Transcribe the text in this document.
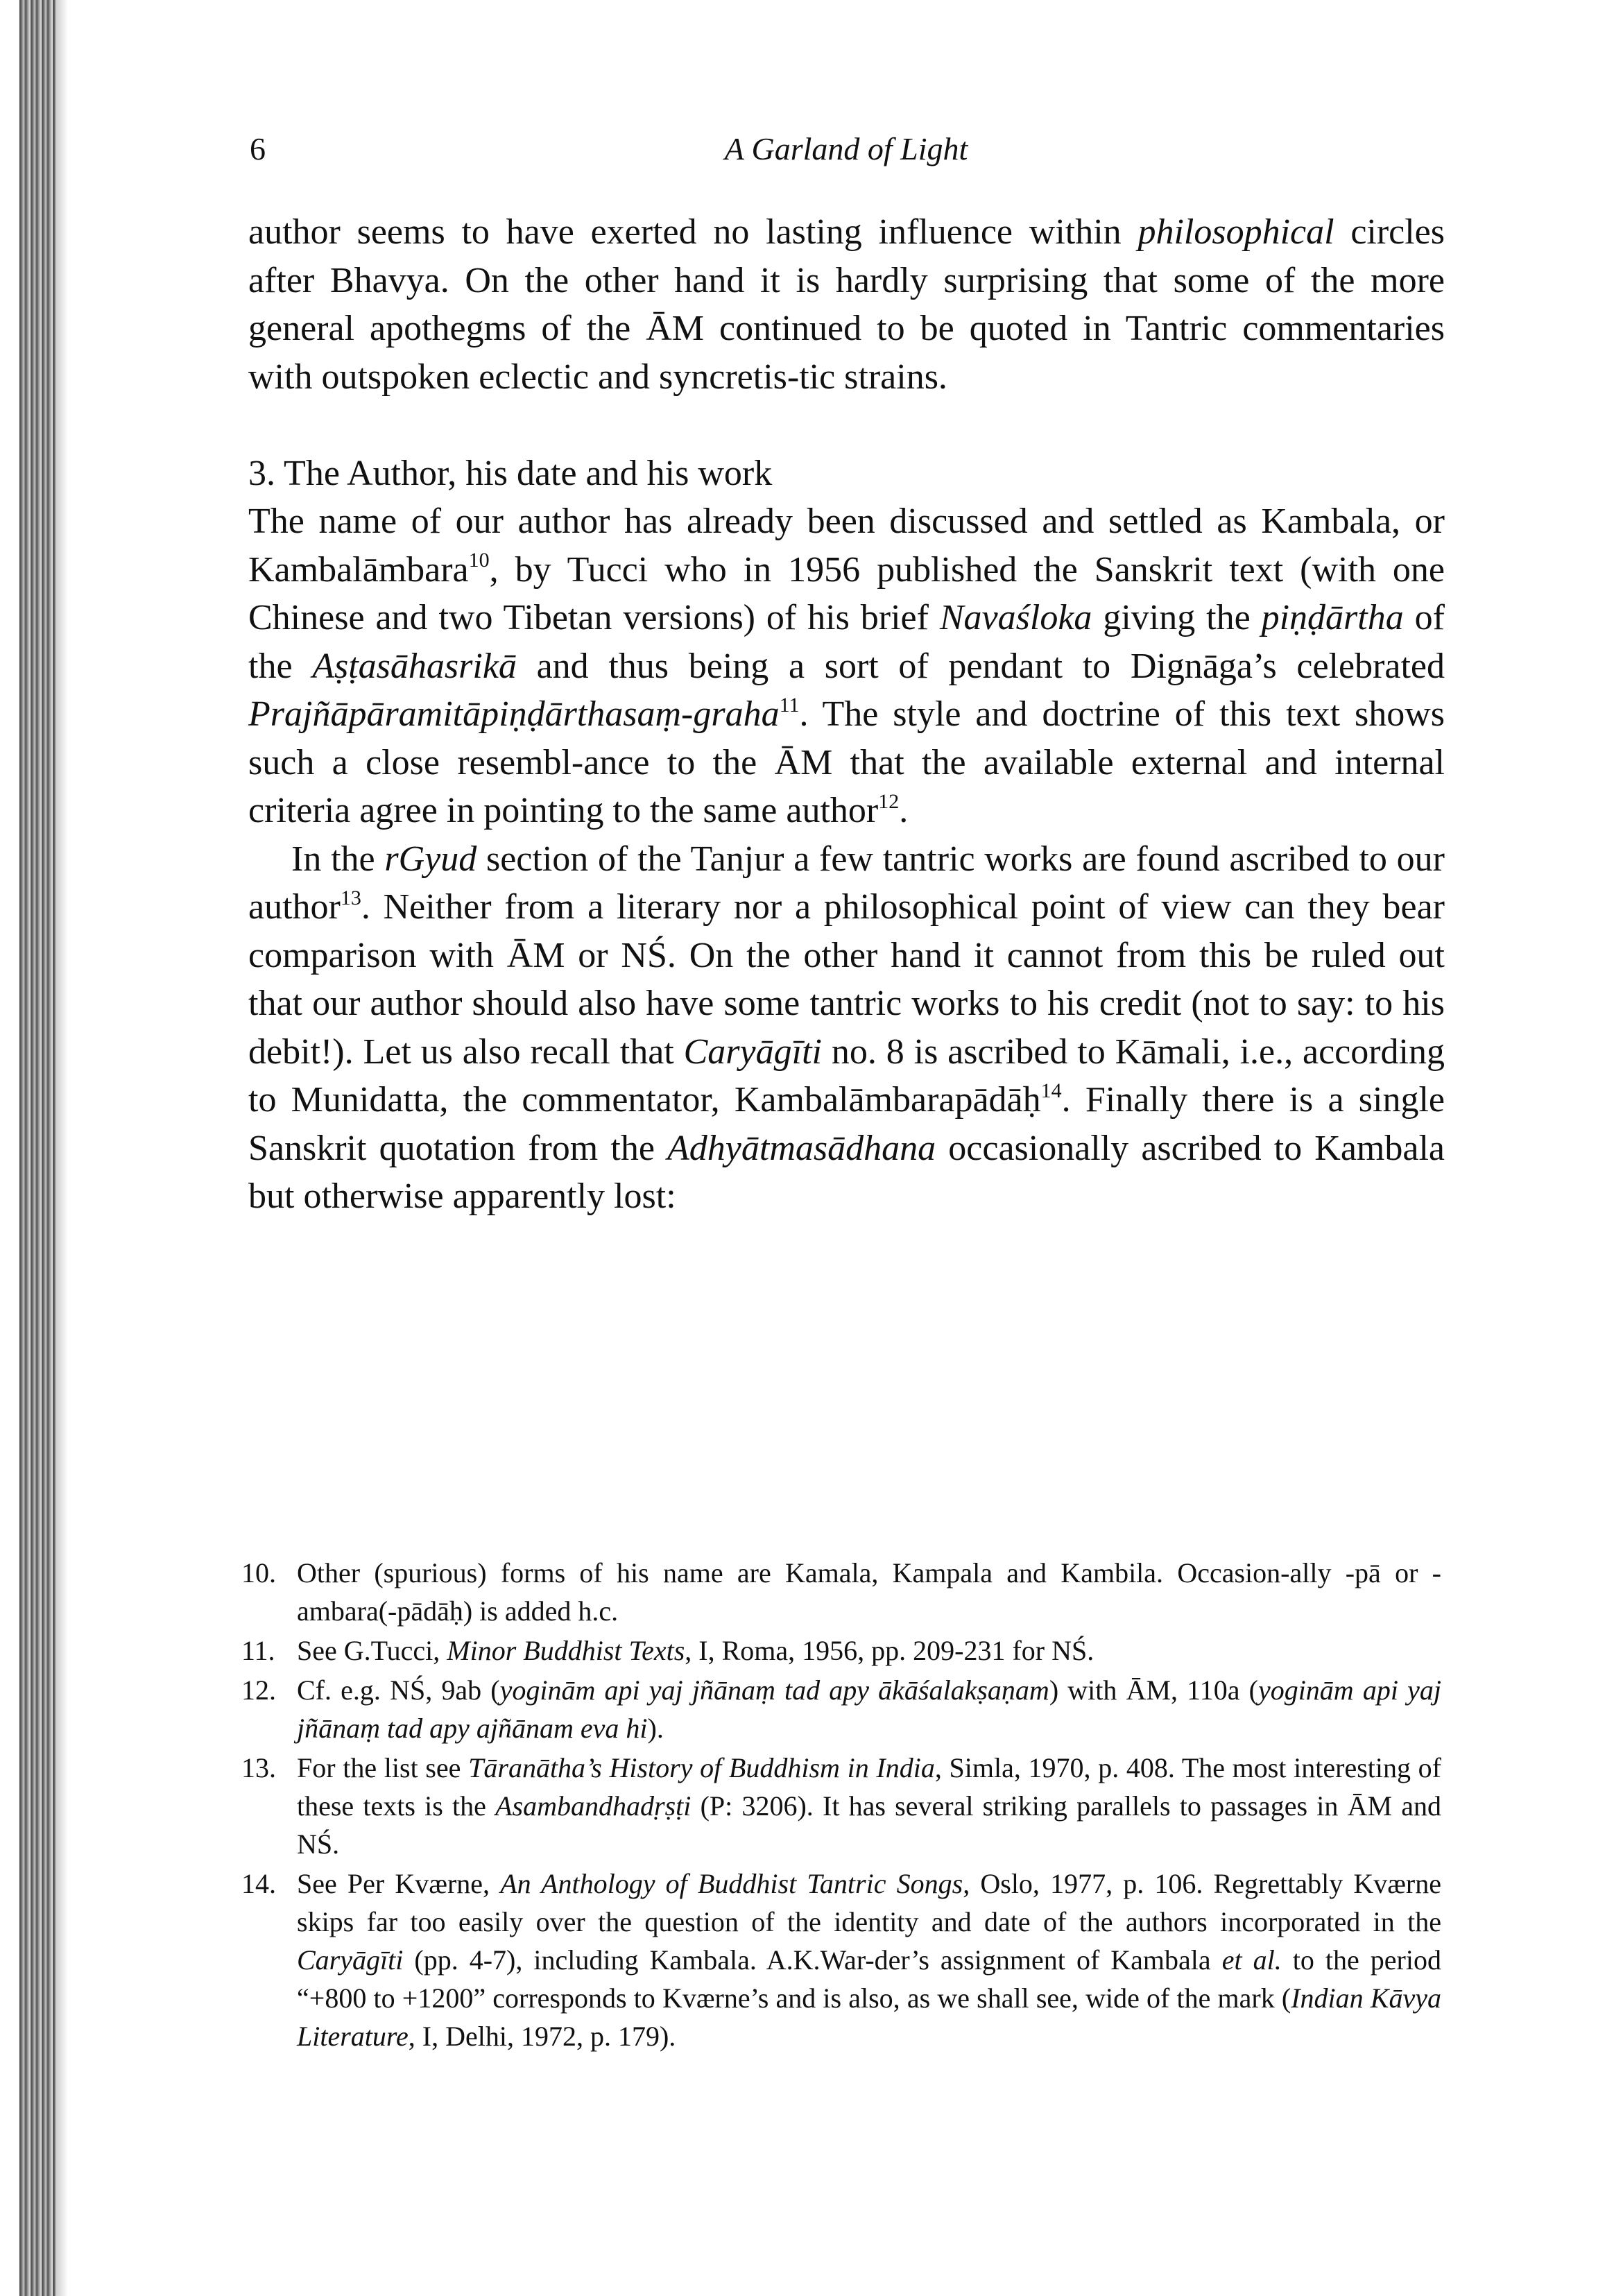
6	A Garland of Light

author seems to have exerted no lasting influence within philosophical circles after Bhavya. On the other hand it is hardly surprising that some of the more general apothegms of the ĀM continued to be quoted in Tantric commentaries with outspoken eclectic and syncretis-tic strains.

3. The Author, his date and his work

The name of our author has already been discussed and settled as Kambala, or Kambalāmbara$^{10}$, by Tucci who in 1956 published the Sanskrit text (with one Chinese and two Tibetan versions) of his brief Navaśloka giving the piṇḍārtha of the Aṣṭasāhasrikā and thus being a sort of pendant to Dignāga’s celebrated Prajñāpāramitāpiṇḍārthasaṃ-graha$^{11}$. The style and doctrine of this text shows such a close resembl-ance to the ĀM that the available external and internal criteria agree in pointing to the same author$^{12}$.

In the rGyud section of the Tanjur a few tantric works are found ascribed to our author$^{13}$. Neither from a literary nor a philosophical point of view can they bear comparison with ĀM or NŚ. On the other hand it cannot from this be ruled out that our author should also have some tantric works to his credit (not to say: to his debit!). Let us also recall that Caryāgīti no. 8 is ascribed to Kāmali, i.e., according to Munidatta, the commentator, Kambalāmbarapādāḥ$^{14}$. Finally there is a single Sanskrit quotation from the Adhyātmasādhana occasionally ascribed to Kambala but otherwise apparently lost:

10. Other (spurious) forms of his name are Kamala, Kampala and Kambila. Occasion-ally -pā or -ambara(-pādāḥ) is added h.c.

11. See G.Tucci, Minor Buddhist Texts, I, Roma, 1956, pp. 209-231 for NŚ.

12. Cf. e.g. NŚ, 9ab (yoginām api yaj jñānaṃ tad apy ākāśalakṣaṇam) with ĀM, 110a (yoginām api yaj jñānaṃ tad apy ajñānam eva hi).

13. For the list see Tāranātha’s History of Buddhism in India, Simla, 1970, p. 408. The most interesting of these texts is the Asambandhadṛṣṭi (P: 3206). It has several striking parallels to passages in ĀM and NŚ.

14. See Per Kværne, An Anthology of Buddhist Tantric Songs, Oslo, 1977, p. 106. Regrettably Kværne skips far too easily over the question of the identity and date of the authors incorporated in the Caryāgīti (pp. 4-7), including Kambala. A.K.War-der’s assignment of Kambala et al. to the period “+800 to +1200” corresponds to Kværne’s and is also, as we shall see, wide of the mark (Indian Kāvya Literature, I, Delhi, 1972, p. 179).
